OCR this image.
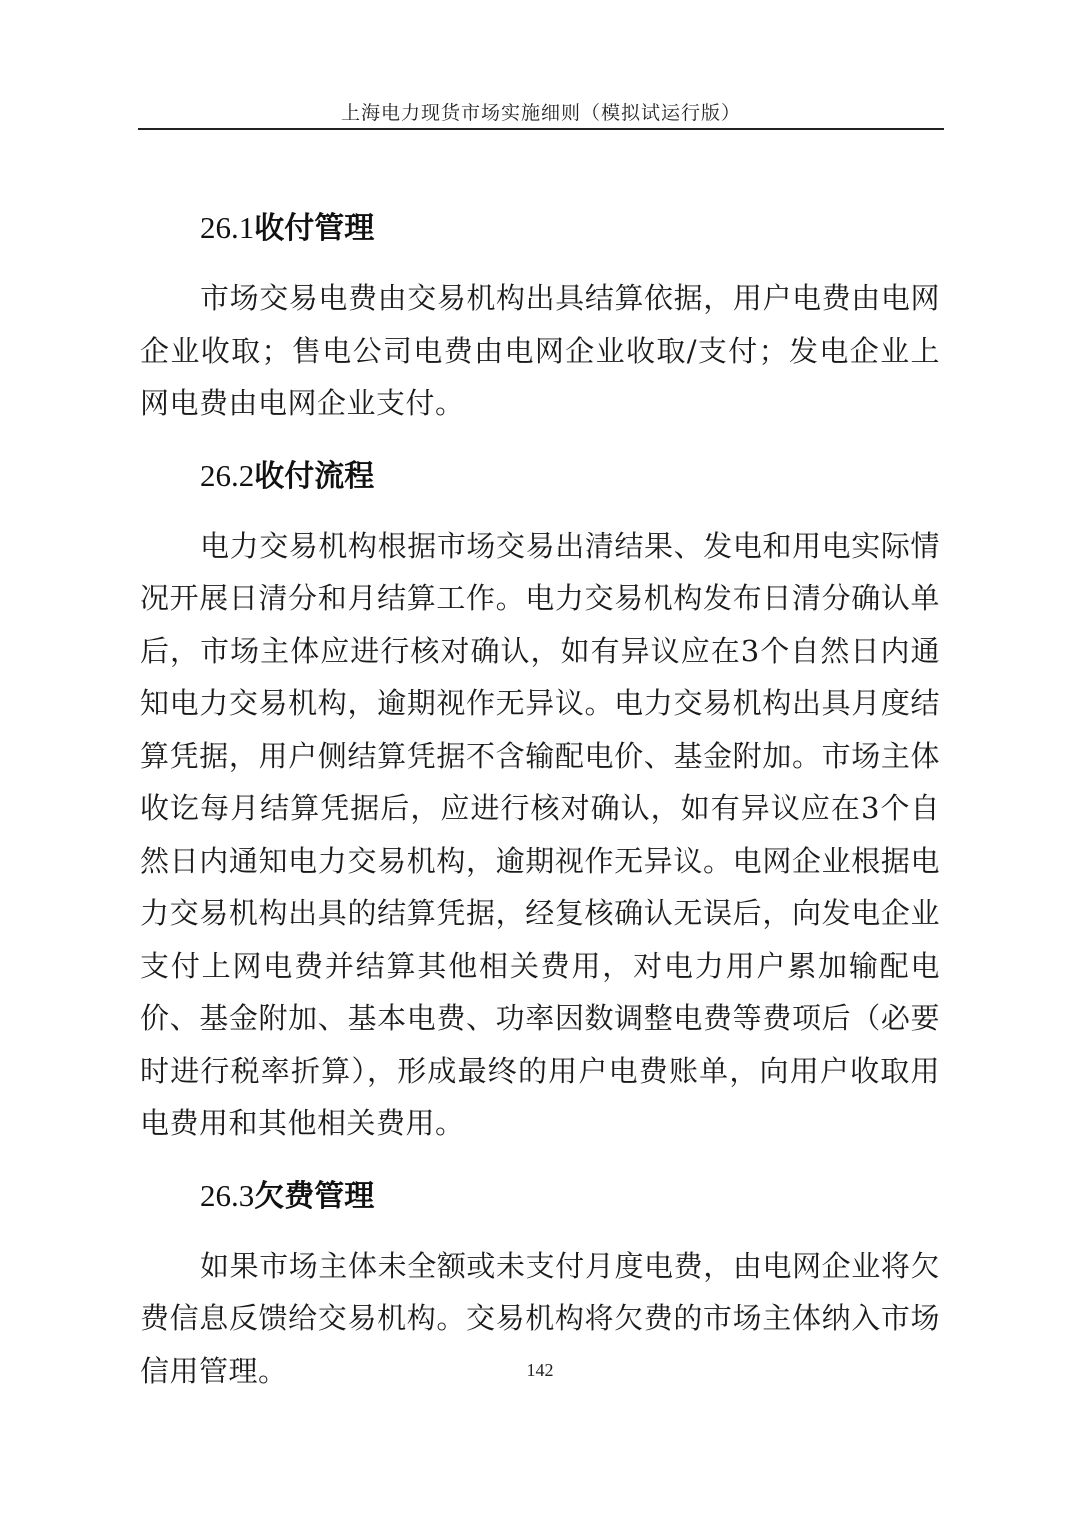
上海电力现货市场实施细则（模拟试运行版）
26.1收付管理

市场交易电费由交易机构出具结算依据，用户电费由电网企业收取；售电公司电费由电网企业收取/支付；发电企业上网电费由电网企业支付。

26.2收付流程

电力交易机构根据市场交易出清结果、发电和用电实际情况开展日清分和月结算工作。电力交易机构发布日清分确认单后，市场主体应进行核对确认，如有异议应在3个自然日内通知电力交易机构，逾期视作无异议。电力交易机构出具月度结算凭据，用户侧结算凭据不含输配电价、基金附加。市场主体收讫每月结算凭据后，应进行核对确认，如有异议应在3个自然日内通知电力交易机构，逾期视作无异议。电网企业根据电力交易机构出具的结算凭据，经复核确认无误后，向发电企业支付上网电费并结算其他相关费用，对电力用户累加输配电价、基金附加、基本电费、功率因数调整电费等费项后（必要时进行税率折算），形成最终的用户电费账单，向用户收取用电费用和其他相关费用。

26.3欠费管理

如果市场主体未全额或未支付月度电费，由电网企业将欠费信息反馈给交易机构。交易机构将欠费的市场主体纳入市场信用管理。	142
